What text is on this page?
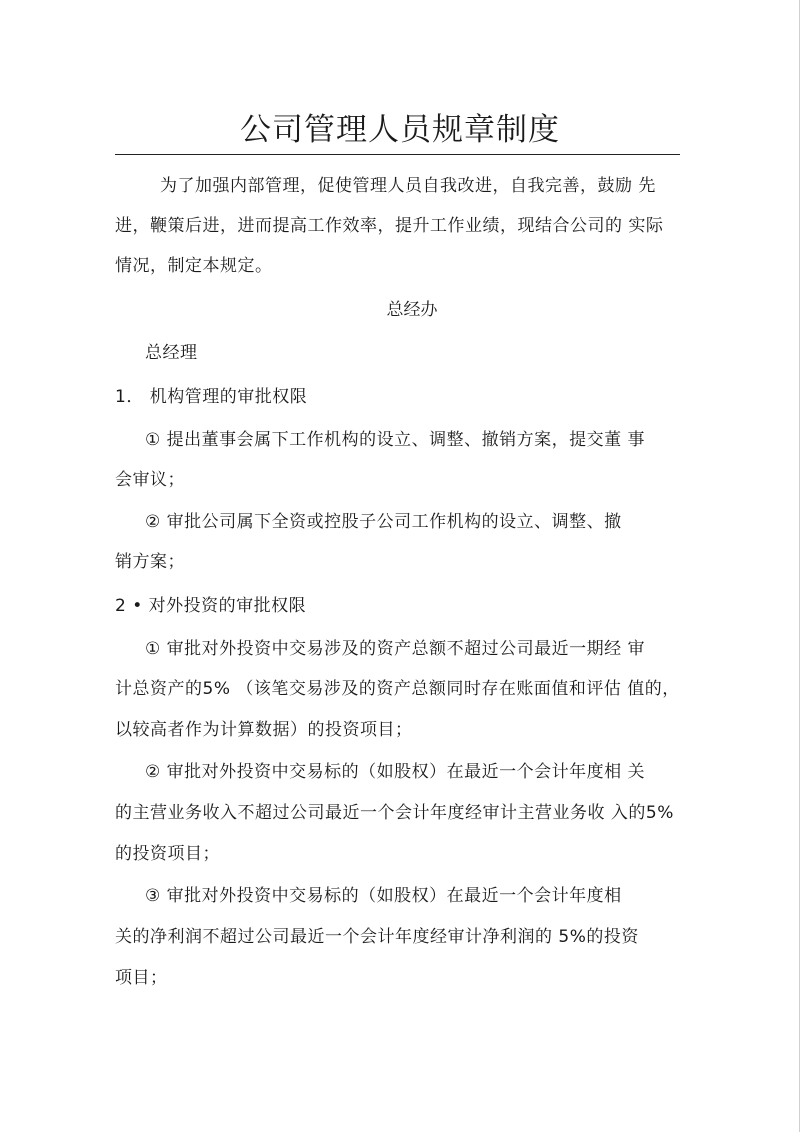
公司管理人员规章制度
为了加强内部管理，促使管理人员自我改进，自我完善，鼓励 先
进，鞭策后进，进而提高工作效率，提升工作业绩，现结合公司的 实际
情况，制定本规定。
总经办
总经理
1． 机构管理的审批权限
① 提出董事会属下工作机构的设立、调整、撤销方案，提交董 事
会审议；
② 审批公司属下全资或控股子公司工作机构的设立、调整、撤
销方案；
2 • 对外投资的审批权限
① 审批对外投资中交易涉及的资产总额不超过公司最近一期经 审
计总资产的5% （该笔交易涉及的资产总额同时存在账面值和评估 值的，
以较高者作为计算数据）的投资项目；
② 审批对外投资中交易标的（如股权）在最近一个会计年度相 关
的主营业务收入不超过公司最近一个会计年度经审计主营业务收 入的5%
的投资项目；
③ 审批对外投资中交易标的（如股权）在最近一个会计年度相
关的净利润不超过公司最近一个会计年度经审计净利润的 5%的投资
项目；
